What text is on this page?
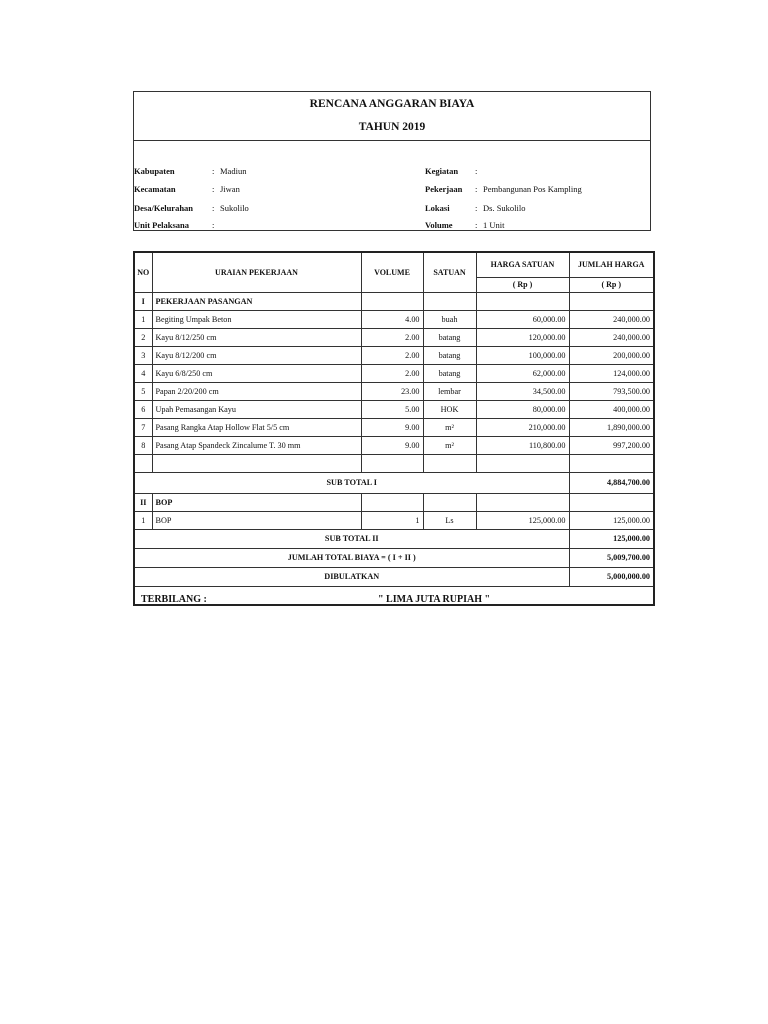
RENCANA ANGGARAN BIAYA
TAHUN 2019
Kabupaten	: Madiun
Kecamatan	: Jiwan
Desa/Kelurahan : Sukolilo
Unit Pelaksana	:
Kegiatan :
Pekerjaan : Pembangunan Pos Kampling
Lokasi	: Ds. Sukolilo
Volume	: 1 Unit
NO	URAIAN PEKERJAAN	VOLUME	SATUAN	HARGA SATUAN	JUMLAH HARGA
				( Rp )	( Rp )
I	PEKERJAAN PASANGAN				
1	Begiting Umpak Beton	4.00	buah	60,000.00	240,000.00
2	Kayu 8/12/250 cm	2.00	batang	120,000.00	240,000.00
3	Kayu 8/12/200 cm	2.00	batang	100,000.00	200,000.00
4	Kayu 6/8/250 cm	2.00	batang	62,000.00	124,000.00
5	Papan 2/20/200 cm	23.00	lembar	34,500.00	793,500.00
6	Upah Pemasangan Kayu	5.00	HOK	80,000.00	400,000.00
7	Pasang Rangka Atap Hollow Flat 5/5 cm	9.00	m²	210,000.00	1,890,000.00
8	Pasang Atap Spandeck Zincalume T. 30 mm	9.00	m²	110,800.00	997,200.00

SUB TOTAL I					4,884,700.00
II	BOP				
1	BOP	1	Ls	125,000.00	125,000.00
SUB TOTAL II					125,000.00
JUMLAH TOTAL BIAYA = ( I + II )					5,009,700.00
DIBULATKAN					5,000,000.00

TERBILANG : " LIMA JUTA RUPIAH "					
